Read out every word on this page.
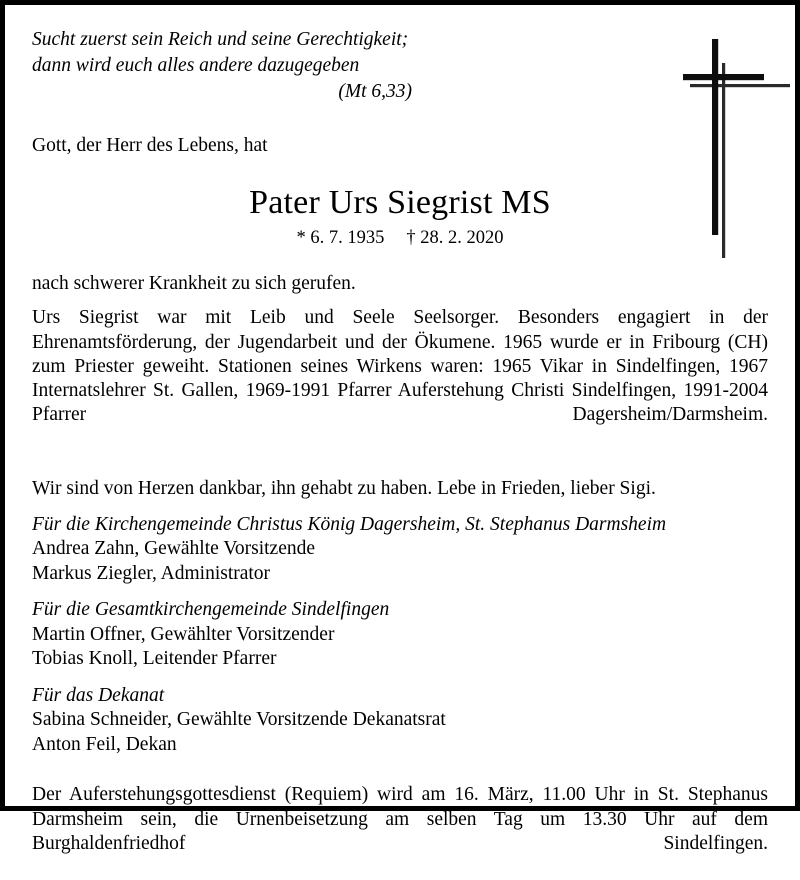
Sucht zuerst sein Reich und seine Gerechtigkeit;
dann wird euch alles andere dazugegeben
(Mt 6,33)

Gott, der Herr des Lebens, hat

Pater Urs Siegrist MS
* 6. 7. 1935 † 28. 2. 2020

nach schwerer Krankheit zu sich gerufen.

Urs Siegrist war mit Leib und Seele Seelsorger. Besonders engagiert in der Ehrenamtsförderung, der Jugendarbeit und der Ökumene. 1965 wurde er in Fribourg (CH) zum Priester geweiht. Stationen seines Wirkens waren: 1965 Vikar in Sindelfingen, 1967 Internatslehrer St. Gallen, 1969-1991 Pfarrer Auferstehung Christi Sindelfingen, 1991-2004 Pfarrer Dagersheim/Darmsheim.

Wir sind von Herzen dankbar, ihn gehabt zu haben. Lebe in Frieden, lieber Sigi.

Für die Kirchengemeinde Christus König Dagersheim, St. Stephanus Darmsheim
Andrea Zahn, Gewählte Vorsitzende
Markus Ziegler, Administrator
Für die Gesamtkirchengemeinde Sindelfingen
Martin Offner, Gewählter Vorsitzender
Tobias Knoll, Leitender Pfarrer
Für das Dekanat
Sabina Schneider, Gewählte Vorsitzende Dekanatsrat
Anton Feil, Dekan

Der Auferstehungsgottesdienst (Requiem) wird am 16. März, 11.00 Uhr in St. Stephanus Darmsheim sein, die Urnenbeisetzung am selben Tag um 13.30 Uhr auf dem Burghaldenfriedhof Sindelfingen.
